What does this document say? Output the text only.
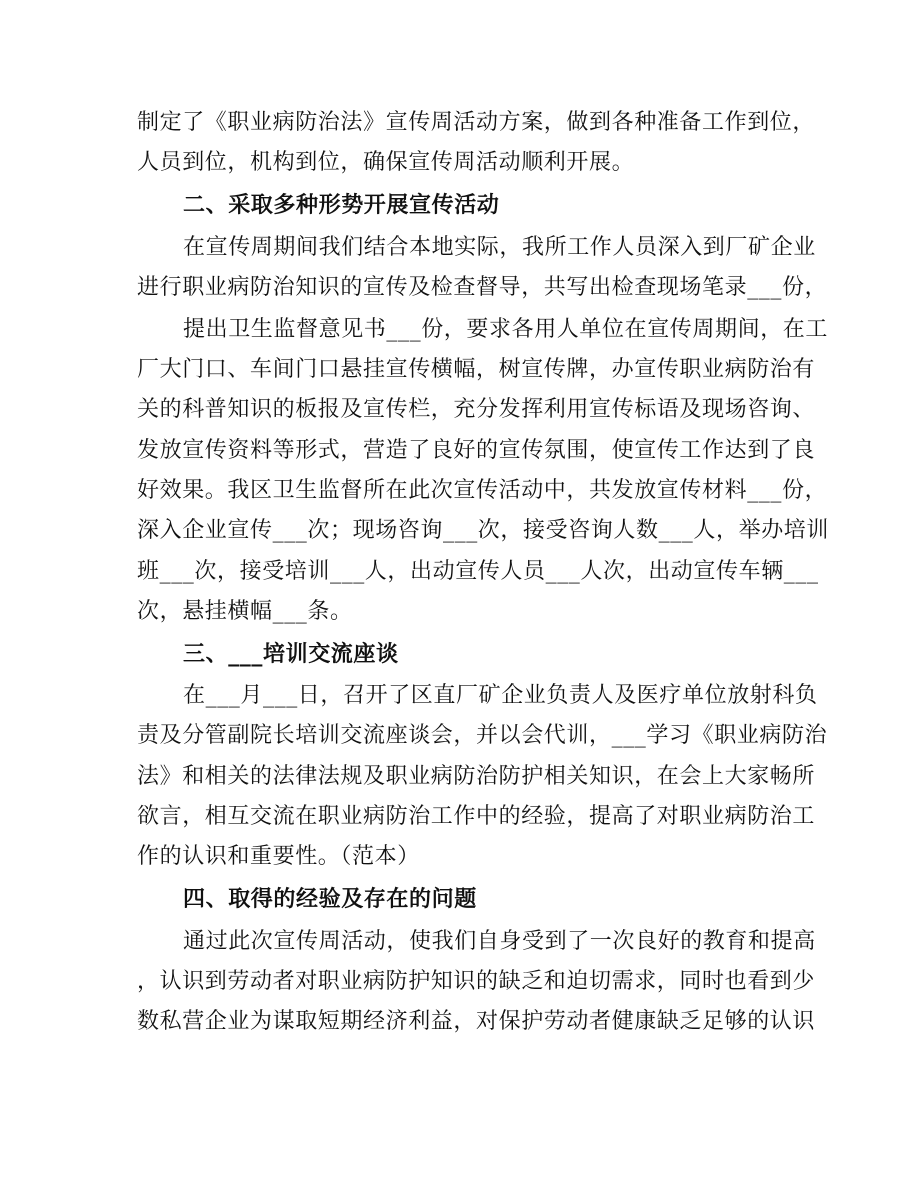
制定了《职业病防治法》宣传周活动方案，做到各种准备工作到位，
人员到位，机构到位，确保宣传周活动顺利开展。
二、采取多种形势开展宣传活动
在宣传周期间我们结合本地实际，我所工作人员深入到厂矿企业
进行职业病防治知识的宣传及检查督导，共写出检查现场笔录___份，
提出卫生监督意见书___份，要求各用人单位在宣传周期间，在工
厂大门口、车间门口悬挂宣传横幅，树宣传牌，办宣传职业病防治有
关的科普知识的板报及宣传栏，充分发挥利用宣传标语及现场咨询、
发放宣传资料等形式，营造了良好的宣传氛围，使宣传工作达到了良
好效果。我区卫生监督所在此次宣传活动中，共发放宣传材料___份，
深入企业宣传___次；现场咨询___次，接受咨询人数___人，举办培训
班___次，接受培训___人，出动宣传人员___人次，出动宣传车辆___
次，悬挂横幅___条。
三、___培训交流座谈
在___月___日，召开了区直厂矿企业负责人及医疗单位放射科负
责及分管副院长培训交流座谈会，并以会代训，___学习《职业病防治
法》和相关的法律法规及职业病防治防护相关知识，在会上大家畅所
欲言，相互交流在职业病防治工作中的经验，提高了对职业病防治工
作的认识和重要性。（范本）
四、取得的经验及存在的问题
通过此次宣传周活动，使我们自身受到了一次良好的教育和提高
，认识到劳动者对职业病防护知识的缺乏和迫切需求，同时也看到少
数私营企业为谋取短期经济利益，对保护劳动者健康缺乏足够的认识
